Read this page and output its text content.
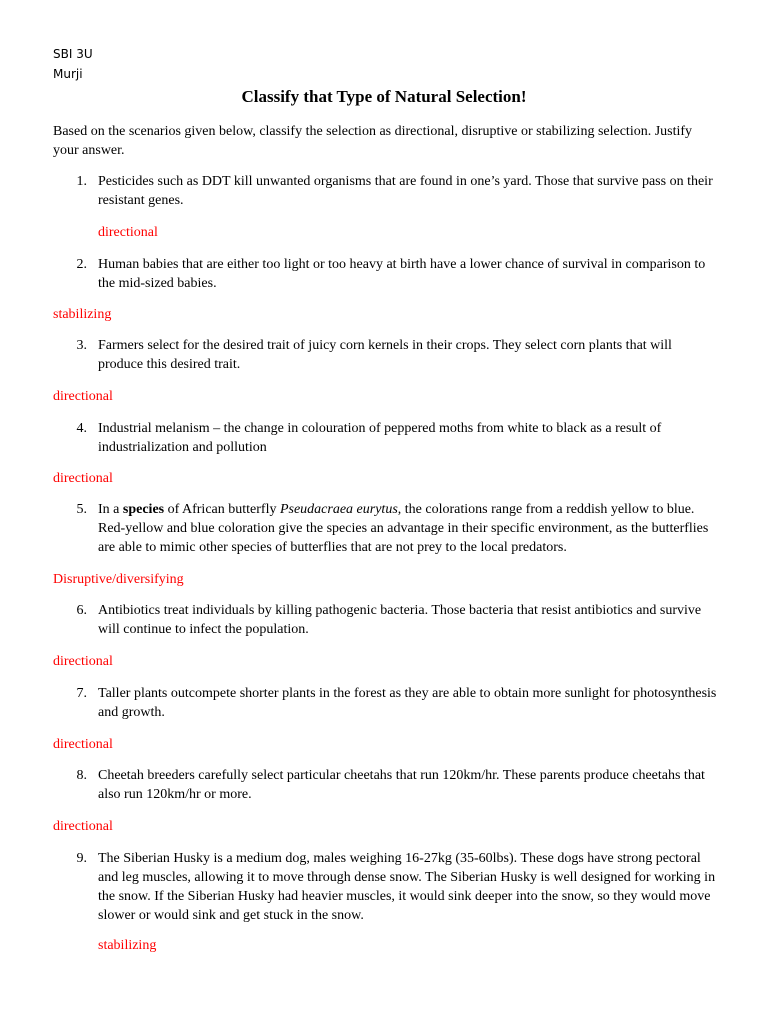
SBI 3U
Murji
Classify that Type of Natural Selection!
Based on the scenarios given below, classify the selection as directional, disruptive or stabilizing selection. Justify your answer.
1. Pesticides such as DDT kill unwanted organisms that are found in one’s yard. Those that survive pass on their resistant genes.
directional
2. Human babies that are either too light or too heavy at birth have a lower chance of survival in comparison to the mid-sized babies.
stabilizing
3. Farmers select for the desired trait of juicy corn kernels in their crops. They select corn plants that will produce this desired trait.
directional
4. Industrial melanism – the change in colouration of peppered moths from white to black as a result of industrialization and pollution
directional
5. In a species of African butterfly Pseudacraea eurytus, the colorations range from a reddish yellow to blue. Red-yellow and blue coloration give the species an advantage in their specific environment, as the butterflies are able to mimic other species of butterflies that are not prey to the local predators.
Disruptive/diversifying
6. Antibiotics treat individuals by killing pathogenic bacteria. Those bacteria that resist antibiotics and survive will continue to infect the population.
directional
7. Taller plants outcompete shorter plants in the forest as they are able to obtain more sunlight for photosynthesis and growth.
directional
8. Cheetah breeders carefully select particular cheetahs that run 120km/hr. These parents produce cheetahs that also run 120km/hr or more.
directional
9. The Siberian Husky is a medium dog, males weighing 16-27kg (35-60lbs). These dogs have strong pectoral and leg muscles, allowing it to move through dense snow. The Siberian Husky is well designed for working in the snow. If the Siberian Husky had heavier muscles, it would sink deeper into the snow, so they would move slower or would sink and get stuck in the snow.
stabilizing
